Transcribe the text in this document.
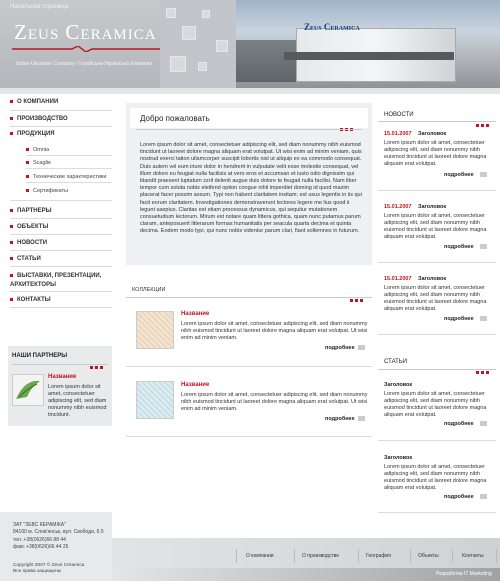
Начальная страница
Zeus Ceramica
Italian-Ukrainian Company / Італійська-Українська Компанія
Zeus Ceramica
О КОМПАНИИ
ПРОИЗВОДСТВО
ПРОДУКЦИЯ
Omnia
Scaglie
Технические характеристики
Сертификаты
ПАРТНЕРЫ
ОБЪЕКТЫ
НОВОСТИ
СТАТЬИ
ВЫСТАВКИ, ПРЕЗЕНТАЦИИ, АРХИТЕКТОРЫ
КОНТАКТЫ
НАШИ ПАРТНЕРЫ
Название
Lorem ipsum dolor sit amet, consectetuer adipiscing elit, sed diam nonummy nibh euismod tincidunt.
Добро пожаловать
Lorem ipsum dolor sit amet, consectetuer adipiscing elit, sed diam nonummy nibh euismod tincidunt ut laoreet dolore magna aliquam erat volutpat. Ut wisi enim ad minim veniam, quis nostrud exerci tation ullamcorper suscipit lobortis nisl ut aliquip ex ea commodo consequat. Duis autem vel eum iriure dolor in hendrerit in vulputate velit esse molestie consequat, vel illum dolore eu feugiat nulla facilisis at vero eros et accumsan et iusto odio dignissim qui blandit praesent luptatum zzril delenit augue duis dolore te feugait nulla facilisi. Nam liber tempor cum soluta nobis eleifend option congue nihil imperdiet doming id quod mazim placerat facer possim assum. Typi non habent claritatem insitam; est usus legentis in iis qui facit eorum claritatem. Investigationes demonstraverunt lectores legere me lius quod ii legunt saepius. Claritas est etiam processus dynamicus, qui sequitur mutationem consuetudium lectorum. Mirum est notare quam littera gothica, quam nunc putamus parum claram, anteposuerit litterarum formas humanitatis per seacula quarta decima et quinta decima. Eodem modo typi, qui nunc nobis videntur parum clari, fiant sollemnes in futurum.
КОЛЛЕКЦИИ
Название
Lorem ipsum dolor sit amet, consectetuer adipiscing elit, sed diam nonummy nibh euismod tincidunt ut laoreet dolore magna aliquam erat volutpat. Ut wisi enim ad minim veniam.
подробнее
Название
Lorem ipsum dolor sit amet, consectetuer adipiscing elit, sed diam nonummy nibh euismod tincidunt ut laoreet dolore magna aliquam erat volutpat. Ut wisi enim ad minim veniam.
подробнее
НОВОСТИ
15.01.2007 Заголовок
Lorem ipsum dolor sit amet, consectetuer adipiscing elit, sed diam nonummy nibh euismod tincidunt ut laoreet dolore magna aliquam erat volutpat.
подробнее
15.01.2007 Заголовок
Lorem ipsum dolor sit amet, consectetuer adipiscing elit, sed diam nonummy nibh euismod tincidunt ut laoreet dolore magna aliquam erat volutpat.
подробнее
15.01.2007 Заголовок
Lorem ipsum dolor sit amet, consectetuer adipiscing elit, sed diam nonummy nibh euismod tincidunt ut laoreet dolore magna aliquam erat volutpat.
подробнее
СТАТЬИ
Заголовок
Lorem ipsum dolor sit amet, consectetuer adipiscing elit, sed diam nonummy nibh euismod tincidunt ut laoreet dolore magna aliquam erat volutpat.
подробнее
Заголовок
Lorem ipsum dolor sit amet, consectetuer adipiscing elit, sed diam nonummy nibh euismod tincidunt ut laoreet dolore magna aliquam erat volutpat.
подробнее
ЗАТ "ЗЕВС КЕРАМІКА"
84100 м. Слов'янськ, вул. Свободи, 6.5
тел. +38(0626)66 88 44
факс +38(0626)66 44 25
Copyright 2007 © Zeus Ceramica
Все права защищены
О компании	О производстве	География	Объекты	Контакты
Разработка IT Marketing
